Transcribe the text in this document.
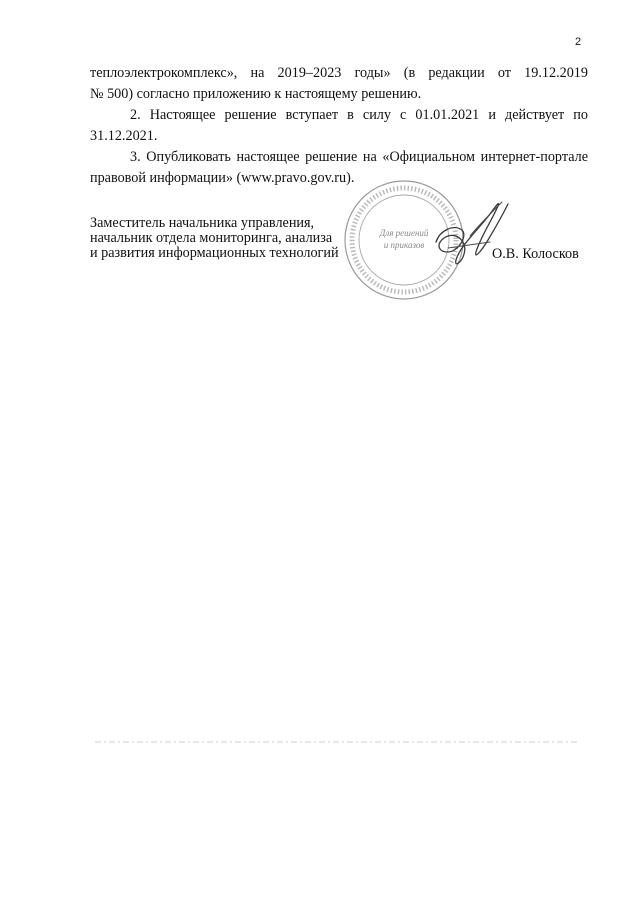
2

теплоэлектрокомплекс», на 2019–2023 годы» (в редакции от 19.12.2019

№ 500) согласно приложению к настоящему решению.

2. Настоящее решение вступает в силу с 01.01.2021 и действует по 31.12.2021.

3. Опубликовать настоящее решение на «Официальном интернет-портале правовой информации» (www.pravo.gov.ru).

Заместитель начальника управления,
начальник отдела мониторинга, анализа
и развития информационных технологий
Для решений
и приказов
О.В. Колосков
